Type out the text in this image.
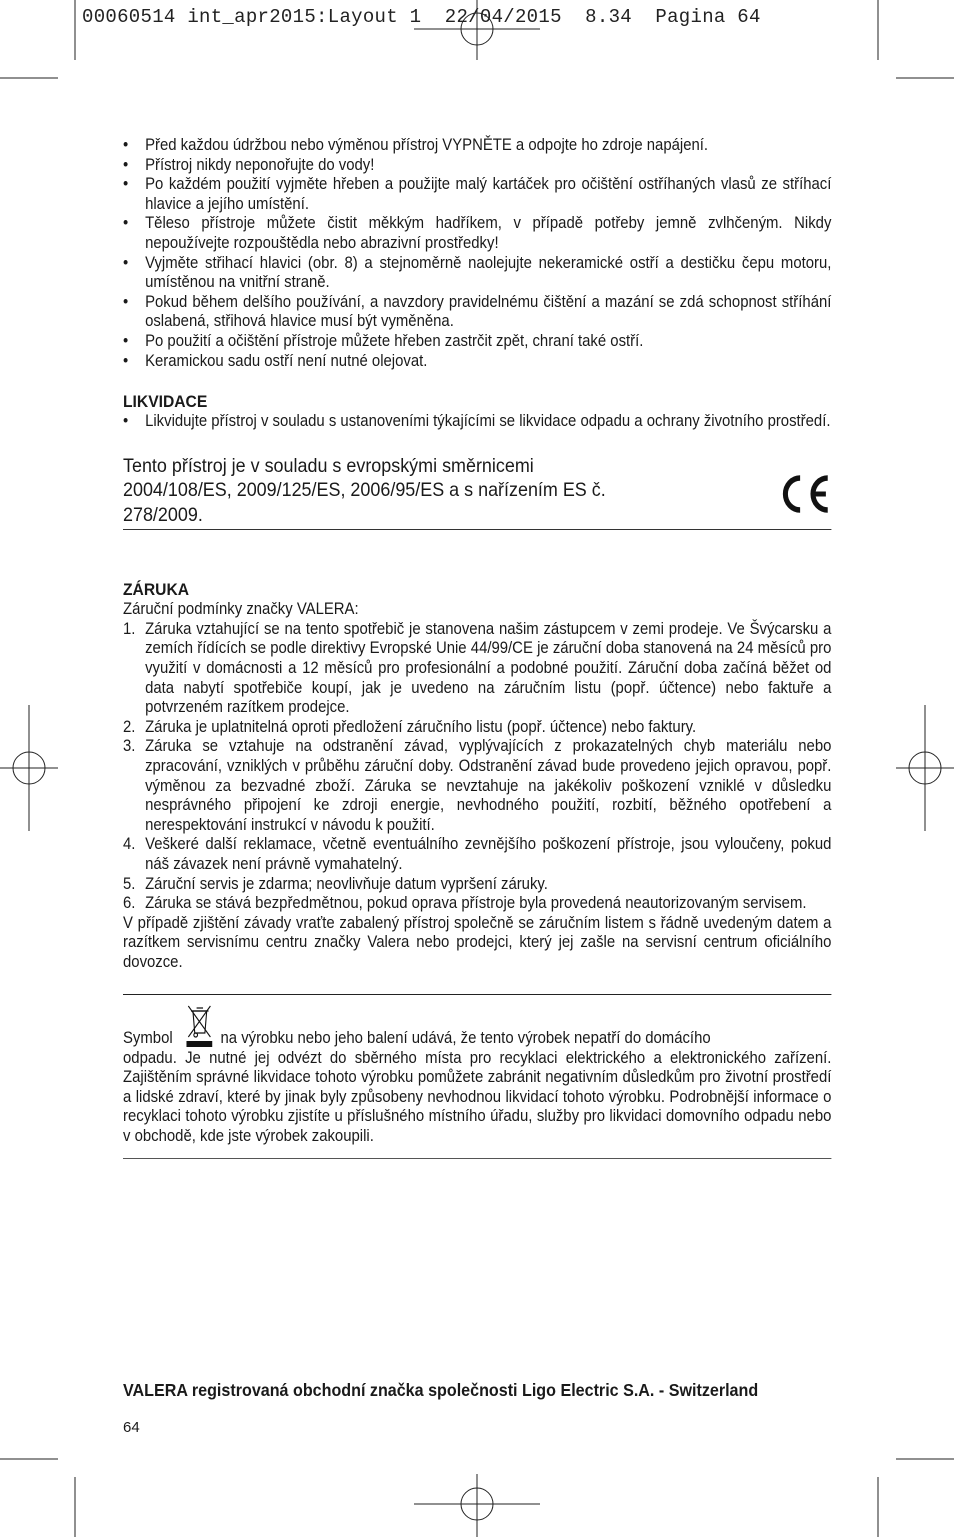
00060514 int_apr2015:Layout 1  22/04/2015  8.34  Pagina 64
• Před každou údržbou nebo výměnou přístroj VYPNĚTE a odpojte ho zdroje napájení.
• Přístroj nikdy neponořujte do vody!
• Po každém použití vyjměte hřeben a použijte malý kartáček pro očištění ostříhaných vlasů ze stříhací hlavice a jejího umístění.
• Těleso přístroje můžete čistit měkkým hadříkem, v případě potřeby jemně zvlhčeným. Nikdy nepoužívejte rozpouštědla nebo abrazivní prostředky!
• Vyjměte střihací hlavici (obr. 8) a stejnoměrně naolejujte nekeramické ostří a destičku čepu motoru, umístěnou na vnitřní straně.
• Pokud během delšího používání, a navzdory pravidelnému čištění a mazání se zdá schopnost stříhání oslabená, střihová hlavice musí být vyměněna.
• Po použití a očištění přístroje můžete hřeben zastrčit zpět, chraní také ostří.
• Keramickou sadu ostří není nutné olejovat.
LIKVIDACE
• Likvidujte přístroj v souladu s ustanoveními týkajícími se likvidace odpadu a ochrany životního prostředí.
Tento přístroj je v souladu s evropskými směrnicemi
2004/108/ES, 2009/125/ES, 2006/95/ES a s nařízením ES č.
278/2009.
ZÁRUKA

Záruční podmínky značky VALERA:

1. Záruka vztahující se na tento spotřebič je stanovena našim zástupcem v zemi prodeje. Ve Švýcarsku a zemích řídících se podle direktivy Evropské Unie 44/99/CE je záruční doba stanovená na 24 měsíců pro využití v domácnosti a 12 měsíců pro profesionální a podobné použití. Záruční doba začíná běžet od data nabytí spotřebiče koupí, jak je uvedeno na záručním listu (popř. účtence) nebo faktuře a potvrzeném razítkem prodejce.
2. Záruka je uplatnitelná oproti předložení záručního listu (popř. účtence) nebo faktury.
3. Záruka se vztahuje na odstranění závad, vyplývajících z prokazatelných chyb materiálu nebo zpracování, vzniklých v průběhu záruční doby. Odstranění závad bude provedeno jejich opravou, popř. výměnou za bezvadné zboží. Záruka se nevztahuje na jakékoliv poškození vzniklé v důsledku nesprávného připojení ke zdroji energie, nevhodného použití, rozbití, běžného opotřebení a nerespektování instrukcí v návodu k použití.
4. Veškeré další reklamace, včetně eventuálního zevnějšího poškození přístroje, jsou vyloučeny, pokud náš závazek není právně vymahatelný.
5. Záruční servis je zdarma; neovlivňuje datum vypršení záruky.
6. Záruka se stává bezpředmětnou, pokud oprava přístroje byla provedená neautorizovaným servisem.

V případě zjištění závady vraťte zabalený přístroj společně se záručním listem s řádně uvedeným datem a razítkem servisnímu centru značky Valera nebo prodejci, který jej zašle na servisní centrum oficiálního dovozce.

Symbol	na výrobku nebo jeho balení udává, že tento výrobek nepatří do domácího

odpadu. Je nutné jej odvézt do sběrného místa pro recyklaci elektrického a elektronického zařízení. Zajištěním správné likvidace tohoto výrobku pomůžete zabránit negativním důsledkům pro životní prostředí a lidské zdraví, které by jinak byly způsobeny nevhodnou likvidací tohoto výrobku. Podrobnější informace o recyklaci tohoto výrobku zjistíte u příslušného místního úřadu, služby pro likvidaci domovního odpadu nebo v obchodě, kde jste výrobek zakoupili.

VALERA registrovaná obchodní značka společnosti Ligo Electric S.A. - Switzerland
64
